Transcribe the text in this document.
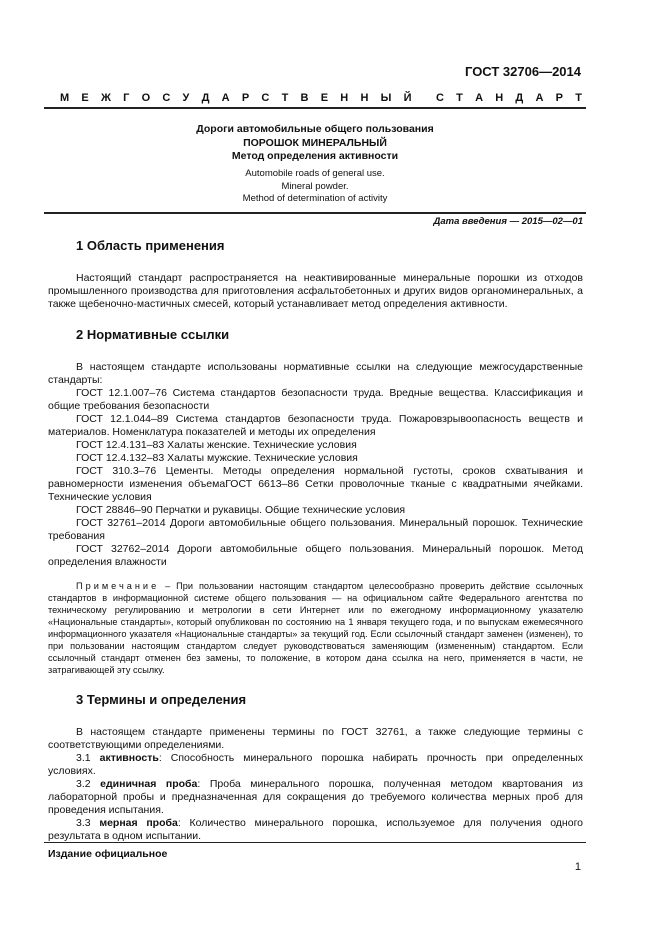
ГОСТ 32706—2014
М Е Ж Г О С У Д А Р С Т В Е Н Н Ы Й С Т А Н Д А Р Т
Дороги автомобильные общего пользования
ПОРОШОК МИНЕРАЛЬНЫЙ
Метод определения активности
Automobile roads of general use.
Mineral powder.
Method of determination of activity
Дата введения — 2015—02—01
1 Область применения

Настоящий стандарт распространяется на неактивированные минеральные порошки из отходов промышленного производства для приготовления асфальтобетонных и других видов органоминеральных, а также щебеночно-мастичных смесей, который устанавливает метод определения активности.

2 Нормативные ссылки

В настоящем стандарте использованы нормативные ссылки на следующие межгосударственные стандарты:

ГОСТ 12.1.007–76 Система стандартов безопасности труда. Вредные вещества. Классификация и общие требования безопасности

ГОСТ 12.1.044–89 Система стандартов безопасности труда. Пожаровзрывоопасность веществ и материалов. Номенклатура показателей и методы их определения

ГОСТ 12.4.131–83 Халаты женские. Технические условия

ГОСТ 12.4.132–83 Халаты мужские. Технические условия

ГОСТ 310.3–76 Цементы. Методы определения нормальной густоты, сроков схватывания и равномерности изменения объемаГОСТ 6613–86 Сетки проволочные тканые с квадратными ячейками. Технические условия

ГОСТ 28846–90 Перчатки и рукавицы. Общие технические условия

ГОСТ 32761–2014 Дороги автомобильные общего пользования. Минеральный порошок. Технические требования

ГОСТ 32762–2014 Дороги автомобильные общего пользования. Минеральный порошок. Метод определения влажности

Примечание – При пользовании настоящим стандартом целесообразно проверить действие ссылочных стандартов в информационной системе общего пользования — на официальном сайте Федерального агентства по техническому регулированию и метрологии в сети Интернет или по ежегодному информационному указателю «Национальные стандарты», который опубликован по состоянию на 1 января текущего года, и по выпускам ежемесячного информационного указателя «Национальные стандарты» за текущий год. Если ссылочный стандарт заменен (изменен), то при пользовании настоящим стандартом следует руководствоваться заменяющим (измененным) стандартом. Если ссылочный стандарт отменен без замены, то положение, в котором дана ссылка на него, применяется в части, не затрагивающей эту ссылку.

3 Термины и определения

В настоящем стандарте применены термины по ГОСТ 32761, а также следующие термины с соответствующими определениями.

3.1 активность: Способность минерального порошка набирать прочность при определенных условиях.

3.2 единичная проба: Проба минерального порошка, полученная методом квартования из лабораторной пробы и предназначенная для сокращения до требуемого количества мерных проб для проведения испытания.

3.3 мерная проба: Количество минерального порошка, используемое для получения одного результата в одном испытании.

Издание официальное
1
